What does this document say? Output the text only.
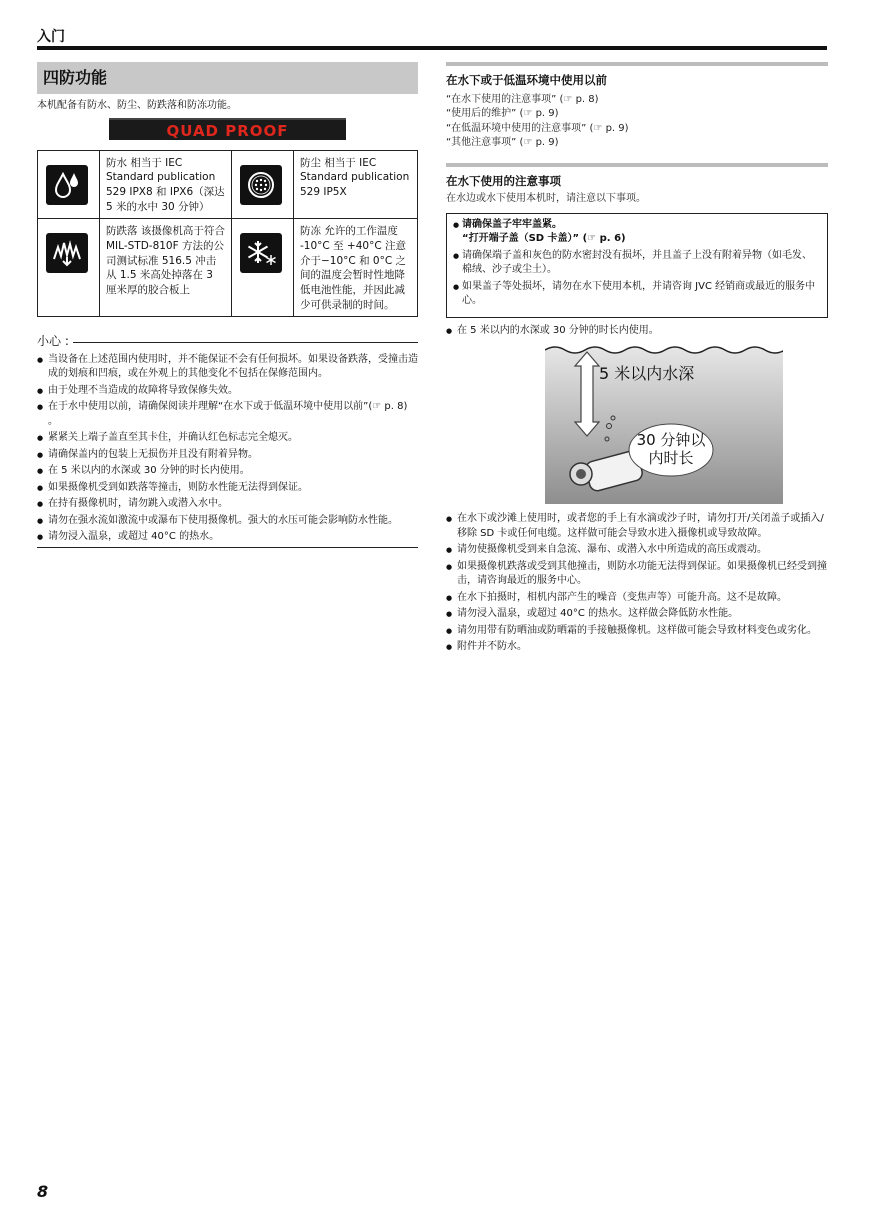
入门
四防功能
本机配备有防水、防尘、防跌落和防冻功能。
QUAD PROOF
	防水 相当于 IEC Standard publication 529 IPX8 和 IPX6（深达 5 米的水中 30 分钟）		防尘 相当于 IEC Standard publication 529 IP5X

	防跌落 该摄像机高于符合 MIL-STD-810F 方法的公司测试标准 516.5 冲击 从 1.5 米高处掉落在 3 厘米厚的胶合板上		防冻 允许的工作温度 -10°C 至 +40°C 注意 介于−10°C 和 0°C 之间的温度会暂时性地降低电池性能，并因此减少可供录制的时间。
小心 :
● 当设备在上述范围内使用时，并不能保证不会有任何损坏。如果设备跌落，受撞击造成的划痕和凹痕，或在外观上的其他变化不包括在保修范围内。
● 由于处理不当造成的故障将导致保修失效。
● 在于水中使用以前，请确保阅读并理解“在水下或于低温环境中使用以前”(☞ p. 8) 。
● 紧紧关上端子盖直至其卡住，并确认红色标志完全熄灭。
● 请确保盖内的包装上无损伤并且没有附着异物。
● 在 5 米以内的水深或 30 分钟的时长内使用。
● 如果摄像机受到如跌落等撞击，则防水性能无法得到保证。
● 在持有摄像机时，请勿跳入或潜入水中。
● 请勿在强水流如激流中或瀑布下使用摄像机。强大的水压可能会影响防水性能。
● 请勿浸入温泉，或超过 40°C 的热水。
在水下或于低温环境中使用以前
“在水下使用的注意事项” (☞ p. 8)
“使用后的维护” (☞ p. 9)
“在低温环境中使用的注意事项” (☞ p. 9)
“其他注意事项” (☞ p. 9)
在水下使用的注意事项
在水边或水下使用本机时，请注意以下事项。
● 请确保盖子牢牢盖紧。
“打开端子盖（SD 卡盖）” (☞ p. 6)
● 请确保端子盖和灰色的防水密封没有损坏，并且盖子上没有附着异物（如毛发、棉绒、沙子或尘土）。
● 如果盖子等处损坏，请勿在水下使用本机，并请咨询 JVC 经销商或最近的服务中心。
● 在 5 米以内的水深或 30 分钟的时长内使用。
5 米以内水深
30 分钟以
内时长
● 在水下或沙滩上使用时，或者您的手上有水滴或沙子时，请勿打开/关闭盖子或插入/移除 SD 卡或任何电缆。这样做可能会导致水进入摄像机或导致故障。
● 请勿使摄像机受到来自急流、瀑布、或潜入水中所造成的高压或震动。
● 如果摄像机跌落或受到其他撞击，则防水功能无法得到保证。如果摄像机已经受到撞击，请咨询最近的服务中心。
● 在水下拍摄时，相机内部产生的噪音（变焦声等）可能升高。这不是故障。
● 请勿浸入温泉，或超过 40°C 的热水。这样做会降低防水性能。
● 请勿用带有防晒油或防晒霜的手接触摄像机。这样做可能会导致材料变色或劣化。
● 附件并不防水。
8
